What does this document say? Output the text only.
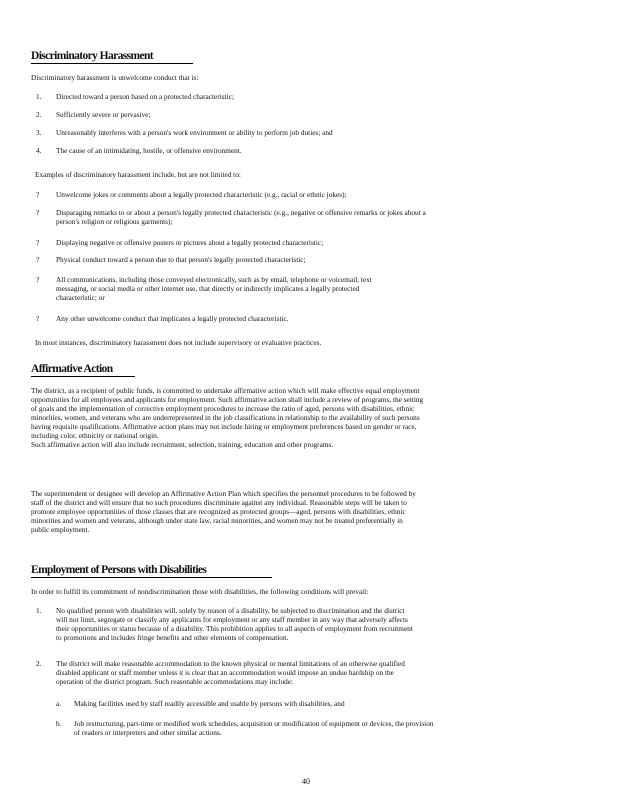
Discriminatory Harassment
Discriminatory harassment is unwelcome conduct that is:
1. Directed toward a person based on a protected characteristic;
2. Sufficiently severe or pervasive;
3. Unreasonably interferes with a person's work environment or ability to perform job duties; and
4. The cause of an intimidating, hostile, or offensive environment.
Examples of discriminatory harassment include, but are not limited to:
? Unwelcome jokes or comments about a legally protected characteristic (e.g., racial or ethnic jokes);
? Disparaging remarks to or about a person's legally protected characteristic (e.g., negative or offensive remarks or jokes about a
person's religion or religious garments);
? Displaying negative or offensive posters or pictures about a legally protected characteristic;
? Physical conduct toward a person due to that person's legally protected characteristic;
? All communications, including those conveyed electronically, such as by email, telephone or voicemail, text
messaging, or social media or other internet use, that directly or indirectly implicates a legally protected
characteristic; or
? Any other unwelcome conduct that implicates a legally protected characteristic.
In most instances, discriminatory harassment does not include supervisory or evaluative practices.
Affirmative Action
The district, as a recipient of public funds, is committed to undertake affirmative action which will make effective equal employment
opportunities for all employees and applicants for employment. Such affirmative action shall include a review of programs, the setting
of goals and the implementation of corrective employment procedures to increase the ratio of aged, persons with disabilities, ethnic
minorities, women, and veterans who are underrepresented in the job classifications in relationship to the availability of such persons
having requisite qualifications. Affirmative action plans may not include hiring or employment preferences based on gender or race,
including color, ethnicity or national origin.
Such affirmative action will also include recruitment, selection, training, education and other programs.
The superintendent or designee will develop an Affirmative Action Plan which specifies the personnel procedures to be followed by
staff of the district and will ensure that no such procedures discriminate against any individual. Reasonable steps will be taken to
promote employee opportunities of those classes that are recognized as protected groups—aged, persons with disabilities, ethnic
minorities and women and veterans, although under state law, racial minorities, and women may not be treated preferentially in
public employment.
Employment of Persons with Disabilities
In order to fulfill its commitment of nondiscrimination those with disabilities, the following conditions will prevail:
1. No qualified person with disabilities will, solely by reason of a disability, be subjected to discrimination and the district
will not limit, segregate or classify any applicants for employment or any staff member in any way that adversely affects
their opportunities or status because of a disability. This prohibition applies to all aspects of employment from recruitment
to promotions and includes fringe benefits and other elements of compensation.
2. The district will make reasonable accommodation to the known physical or mental limitations of an otherwise qualified
disabled applicant or staff member unless it is clear that an accommodation would impose an undue hardship on the
operation of the district program. Such reasonable accommodations may include:
a. Making facilities used by staff readily accessible and usable by persons with disabilities, and
b. Job restructuring, part-time or modified work schedules, acquisition or modification of equipment or devices, the provision
of readers or interpreters and other similar actions.
40
